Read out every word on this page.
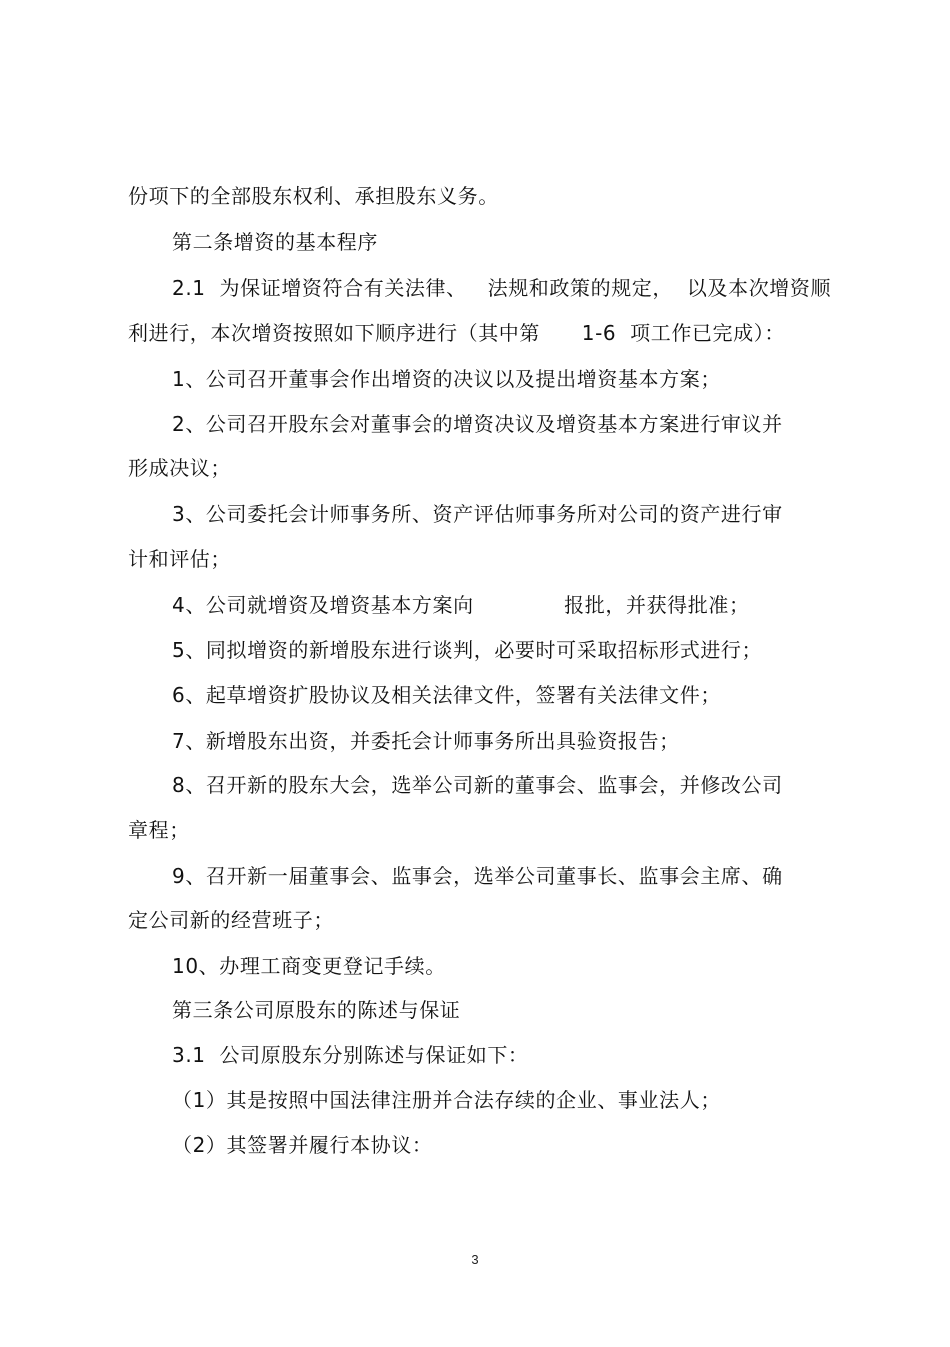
份项下的全部股东权利、承担股东义务。
第二条增资的基本程序
2.1  为保证增资符合有关法律、   法规和政策的规定，  以及本次增资顺
利进行，本次增资按照如下顺序进行（其中第      1-6  项工作已完成）：
1、公司召开董事会作出增资的决议以及提出增资基本方案；
2、公司召开股东会对董事会的增资决议及增资基本方案进行审议并
形成决议；
3、公司委托会计师事务所、资产评估师事务所对公司的资产进行审
计和评估；
4、公司就增资及增资基本方案向             报批，并获得批准；
5、同拟增资的新增股东进行谈判，必要时可采取招标形式进行；
6、起草增资扩股协议及相关法律文件，签署有关法律文件；
7、新增股东出资，并委托会计师事务所出具验资报告；
8、召开新的股东大会，选举公司新的董事会、监事会，并修改公司
章程；
9、召开新一届董事会、监事会，选举公司董事长、监事会主席、确
定公司新的经营班子；
10、办理工商变更登记手续。
第三条公司原股东的陈述与保证
3.1  公司原股东分别陈述与保证如下：
（1）其是按照中国法律注册并合法存续的企业、事业法人；
（2）其签署并履行本协议：
3
